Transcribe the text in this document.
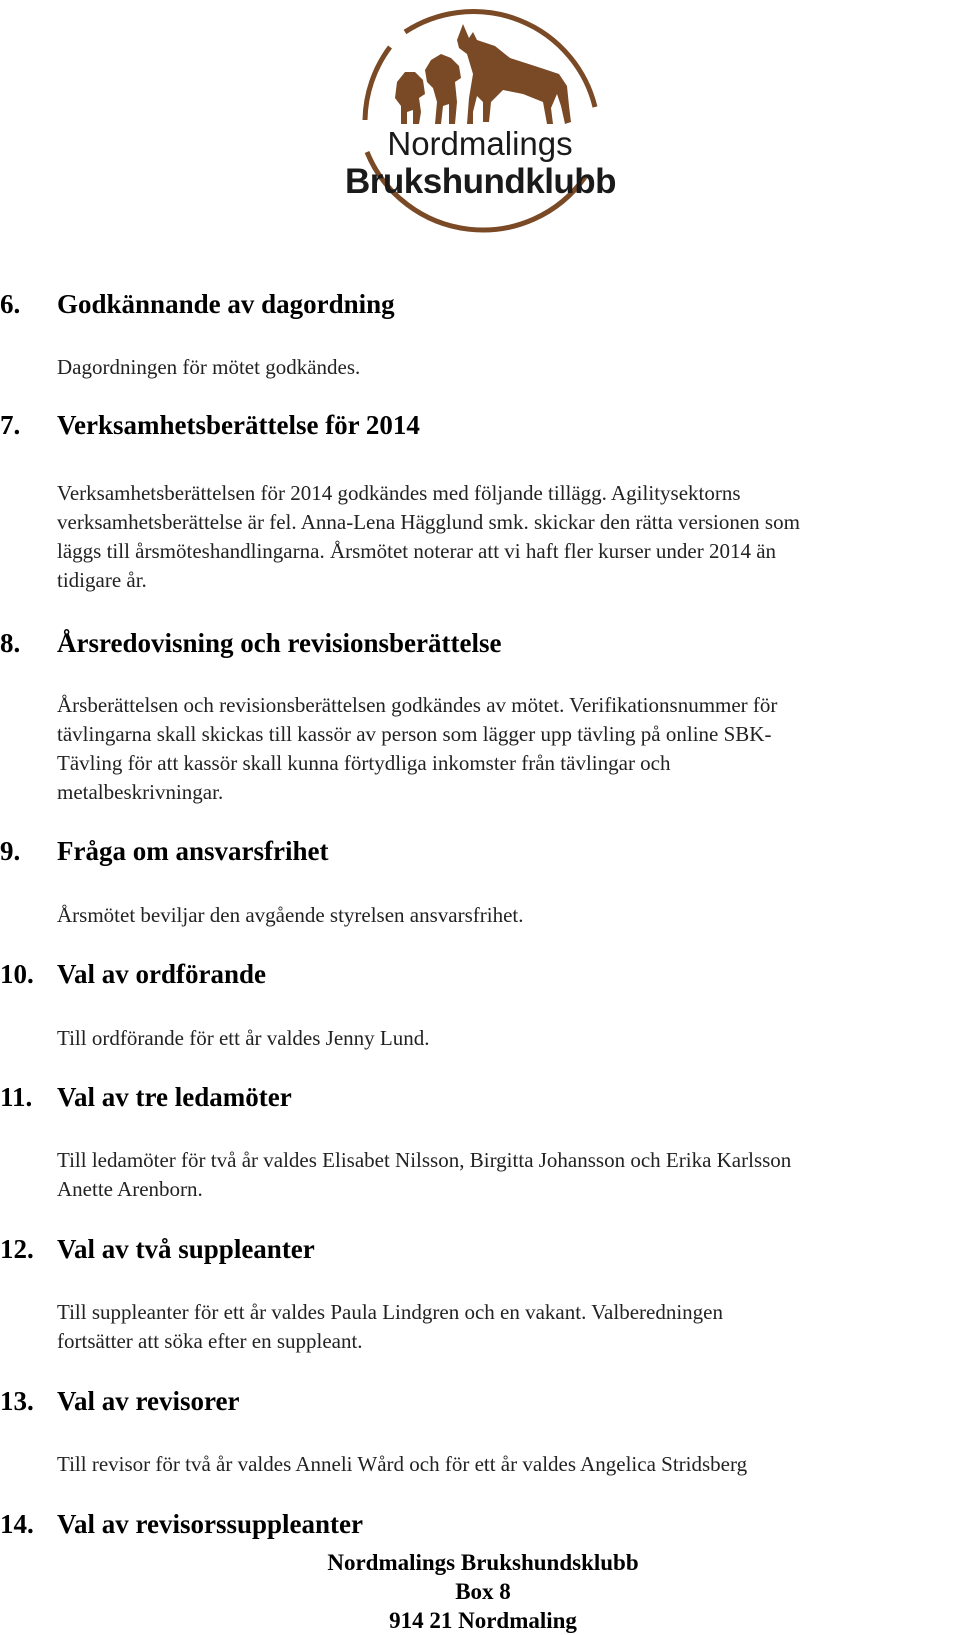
Nordmalings
Brukshundklubb
6. Godkännande av dagordning
Dagordningen för mötet godkändes.
7. Verksamhetsberättelse för 2014
Verksamhetsberättelsen för 2014 godkändes med följande tillägg. Agilitysektorns
verksamhetsberättelse är fel. Anna-Lena Hägglund smk. skickar den rätta versionen som
läggs till årsmöteshandlingarna. Årsmötet noterar att vi haft fler kurser under 2014 än
tidigare år.
8. Årsredovisning och revisionsberättelse
Årsberättelsen och revisionsberättelsen godkändes av mötet. Verifikationsnummer för
tävlingarna skall skickas till kassör av person som lägger upp tävling på online SBK-
Tävling för att kassör skall kunna förtydliga inkomster från tävlingar och
metalbeskrivningar.
9. Fråga om ansvarsfrihet
Årsmötet beviljar den avgående styrelsen ansvarsfrihet.
10. Val av ordförande
Till ordförande för ett år valdes Jenny Lund.
11. Val av tre ledamöter
Till ledamöter för två år valdes Elisabet Nilsson, Birgitta Johansson och Erika Karlsson
Anette Arenborn.
12. Val av två suppleanter
Till suppleanter för ett år valdes Paula Lindgren och en vakant. Valberedningen
fortsätter att söka efter en suppleant.
13. Val av revisorer
Till revisor för två år valdes Anneli Wård och för ett år valdes Angelica Stridsberg
14. Val av revisorssuppleanter
Nordmalings Brukshundsklubb
Box 8
914 21 Nordmaling
